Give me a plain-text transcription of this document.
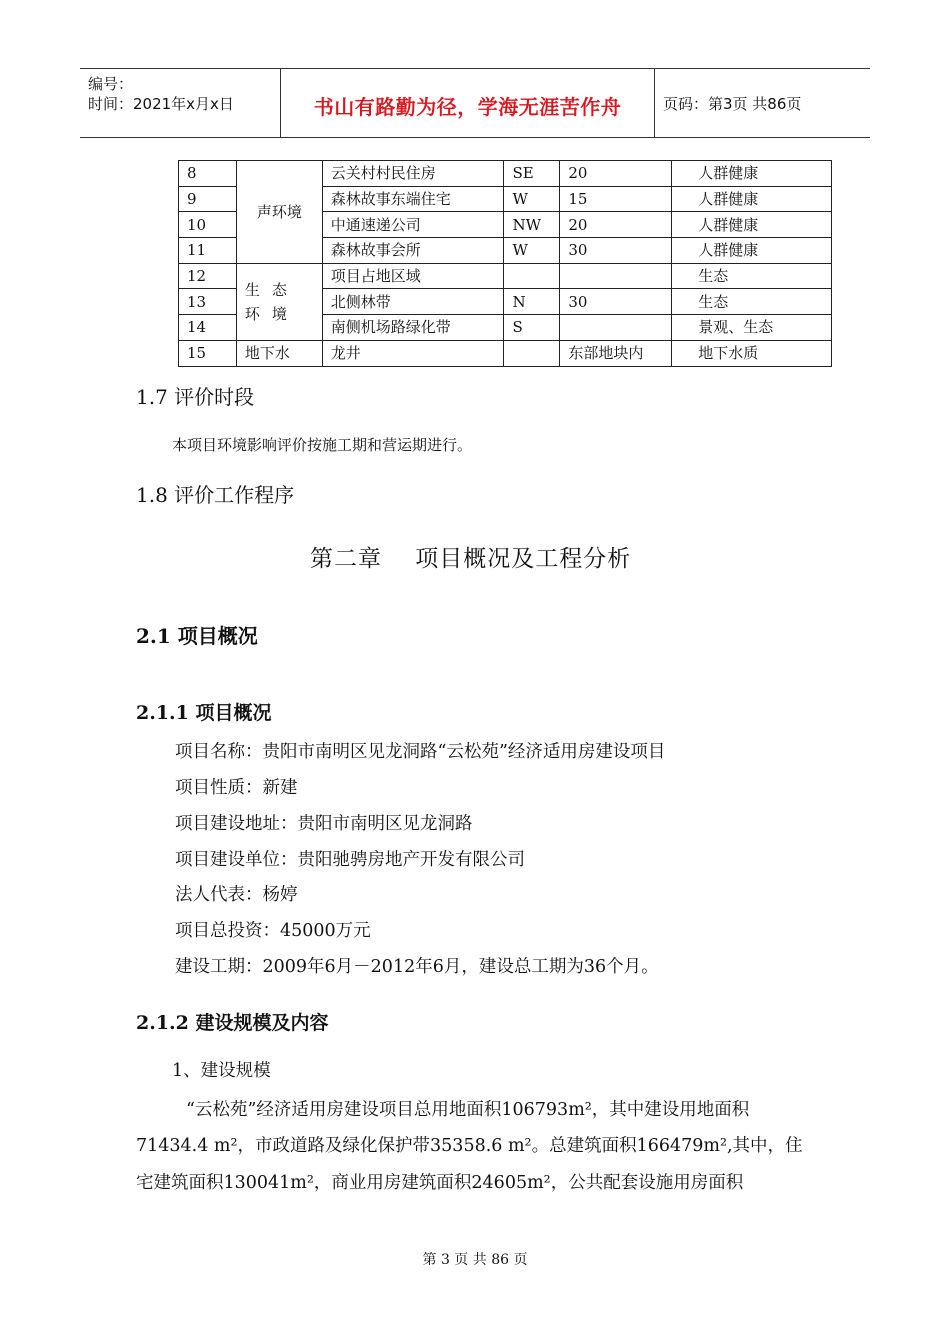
编号：
时间：2021年x月x日	书山有路勤为径，学海无涯苦作舟	页码：第3页 共86页
8	声环境	云关村村民住房	SE	20	人群健康
9		森林故事东端住宅	W	15	人群健康
10		中通速递公司	NW	20	人群健康
11		森林故事会所	W	30	人群健康
12	生态环境	项目占地区域			生态
13		北侧林带	N	30	生态
14		南侧机场路绿化带	S		景观、生态
15	地下水	龙井		东部地块内	地下水质
1.7 评价时段
本项目环境影响评价按施工期和营运期进行。
1.8 评价工作程序
第二章    项目概况及工程分析
2.1 项目概况
2.1.1 项目概况
项目名称：贵阳市南明区见龙洞路“云松苑”经济适用房建设项目
项目性质：新建
项目建设地址：贵阳市南明区见龙洞路
项目建设单位：贵阳驰骋房地产开发有限公司
法人代表：杨婷
项目总投资：45000万元
建设工期：2009年6月－2012年6月，建设总工期为36个月。
2.1.2 建设规模及内容
1、建设规模
“云松苑”经济适用房建设项目总用地面积106793m²，其中建设用地面积
71434.4 m²，市政道路及绿化保护带35358.6 m²。总建筑面积166479m²,其中，住
宅建筑面积130041m²，商业用房建筑面积24605m²，公共配套设施用房面积
第 3 页 共 86 页
